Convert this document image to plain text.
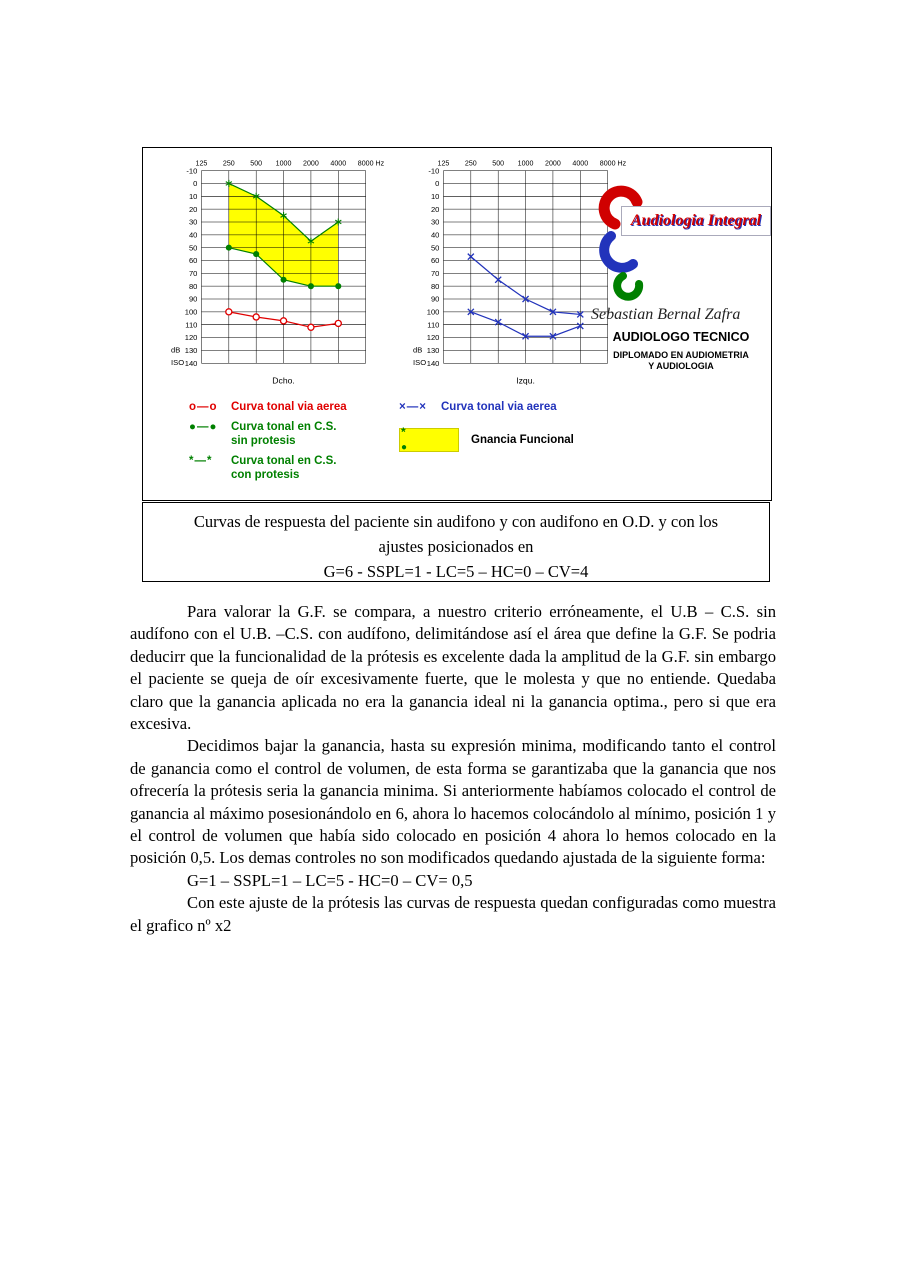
-10
0
10
20
30
40
50
60
70
80
90
100
110
120
130
140
125 250 500 1000 2000 4000 8000 Hz
dB
ISO
Dcho.
-10
0
10
20
30
40
50
60
70
80
90
100
110
120
130
140
125 250 500 1000 2000 4000 8000 Hz
dB
ISO
Izqu.
Audiologia Integral
Sebastian Bernal Zafra
AUDIOLOGO TECNICO
DIPLOMADO EN AUDIOMETRIA
Y AUDIOLOGIA
o—o	Curva tonal via aerea
●—●	Curva tonal en C.S.
sin protesis
*—*	Curva tonal en C.S.
con protesis
×—×	Curva tonal via aerea
*
●
Gnancia Funcional
Curvas de respuesta del paciente sin audifono y con audifono en O.D. y con los
ajustes posicionados en
G=6 - SSPL=1 - LC=5 – HC=0 – CV=4

Para valorar la G.F. se compara, a nuestro criterio erróneamente, el U.B – C.S. sin audífono con el U.B. –C.S. con audífono, delimitándose así el área que define la G.F. Se podria deducirr que la funcionalidad de la prótesis es excelente dada la amplitud de la G.F. sin embargo el paciente se queja de oír excesivamente fuerte, que le molesta y que no entiende. Quedaba claro que la ganancia aplicada no era la ganancia ideal ni la ganancia optima., pero si que era excesiva.

Decidimos bajar la ganancia, hasta su expresión minima, modificando tanto el control de ganancia como el control de volumen, de esta forma se garantizaba que la ganancia que nos ofrecería la prótesis seria la ganancia minima. Si anteriormente habíamos colocado el control de ganancia al máximo posesionándolo en 6, ahora lo hacemos colocándolo al mínimo, posición 1 y el control de volumen que había sido colocado en posición 4 ahora lo hemos colocado en la posición 0,5. Los demas controles no son modificados quedando ajustada de la siguiente forma:

G=1 – SSPL=1 – LC=5 - HC=0 – CV= 0,5

Con este ajuste de la prótesis las curvas de respuesta quedan configuradas como muestra el grafico nº x2
